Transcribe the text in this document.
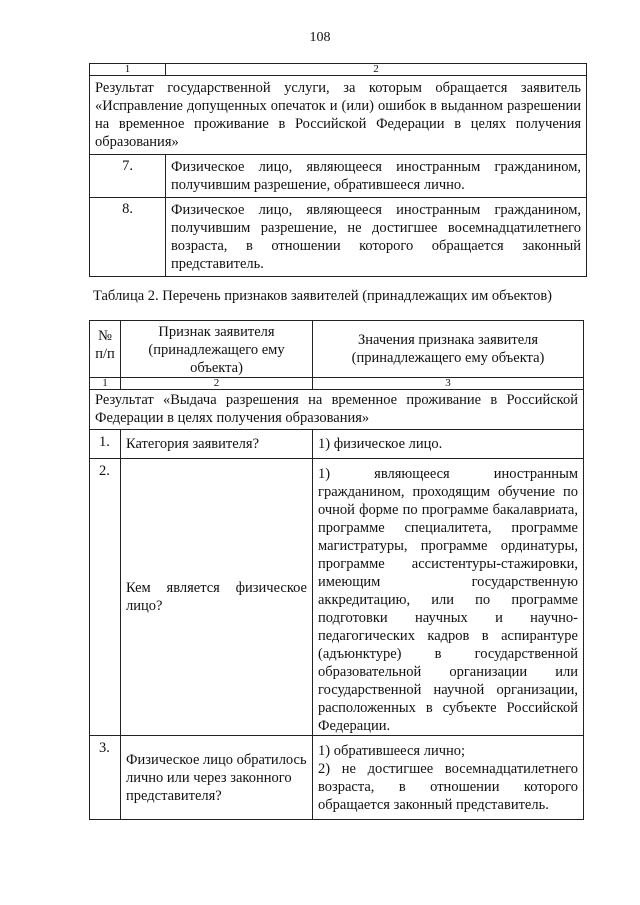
108
1	2
Результат государственной услуги, за которым обращается заявитель «Исправление допущенных опечаток и (или) ошибок в выданном разрешении на временное проживание в Российской Федерации в целях получения образования»	
7.	Физическое лицо, являющееся иностранным гражданином, получившим разрешение, обратившееся лично.
8.	Физическое лицо, являющееся иностранным гражданином, получившим разрешение, не достигшее восемнадцатилетнего возраста, в отношении которого обращается законный представитель.
Таблица 2. Перечень признаков заявителей (принадлежащих им объектов)
№ п/п	Признак заявителя (принадлежащего ему объекта)	Значения признака заявителя (принадлежащего ему объекта)
1	2	3
Результат «Выдача разрешения на временное проживание в Российской Федерации в целях получения образования»		
1.	Категория заявителя?	1) физическое лицо.
2.	Кем является физическое лицо?	1) являющееся иностранным гражданином, проходящим обучение по очной форме по программе бакалавриата, программе специалитета, программе магистратуры, программе ординатуры, программе ассистентуры-стажировки, имеющим государственную аккредитацию, или по программе подготовки научных и научно-педагогических кадров в аспирантуре (адъюнктуре) в государственной образовательной организации или государственной научной организации, расположенных в субъекте Российской Федерации.
3.	Физическое лицо обратилось лично или через законного представителя?	1) обратившееся лично;
2) не достигшее восемнадцатилетнего возраста, в отношении которого обращается законный представитель.
